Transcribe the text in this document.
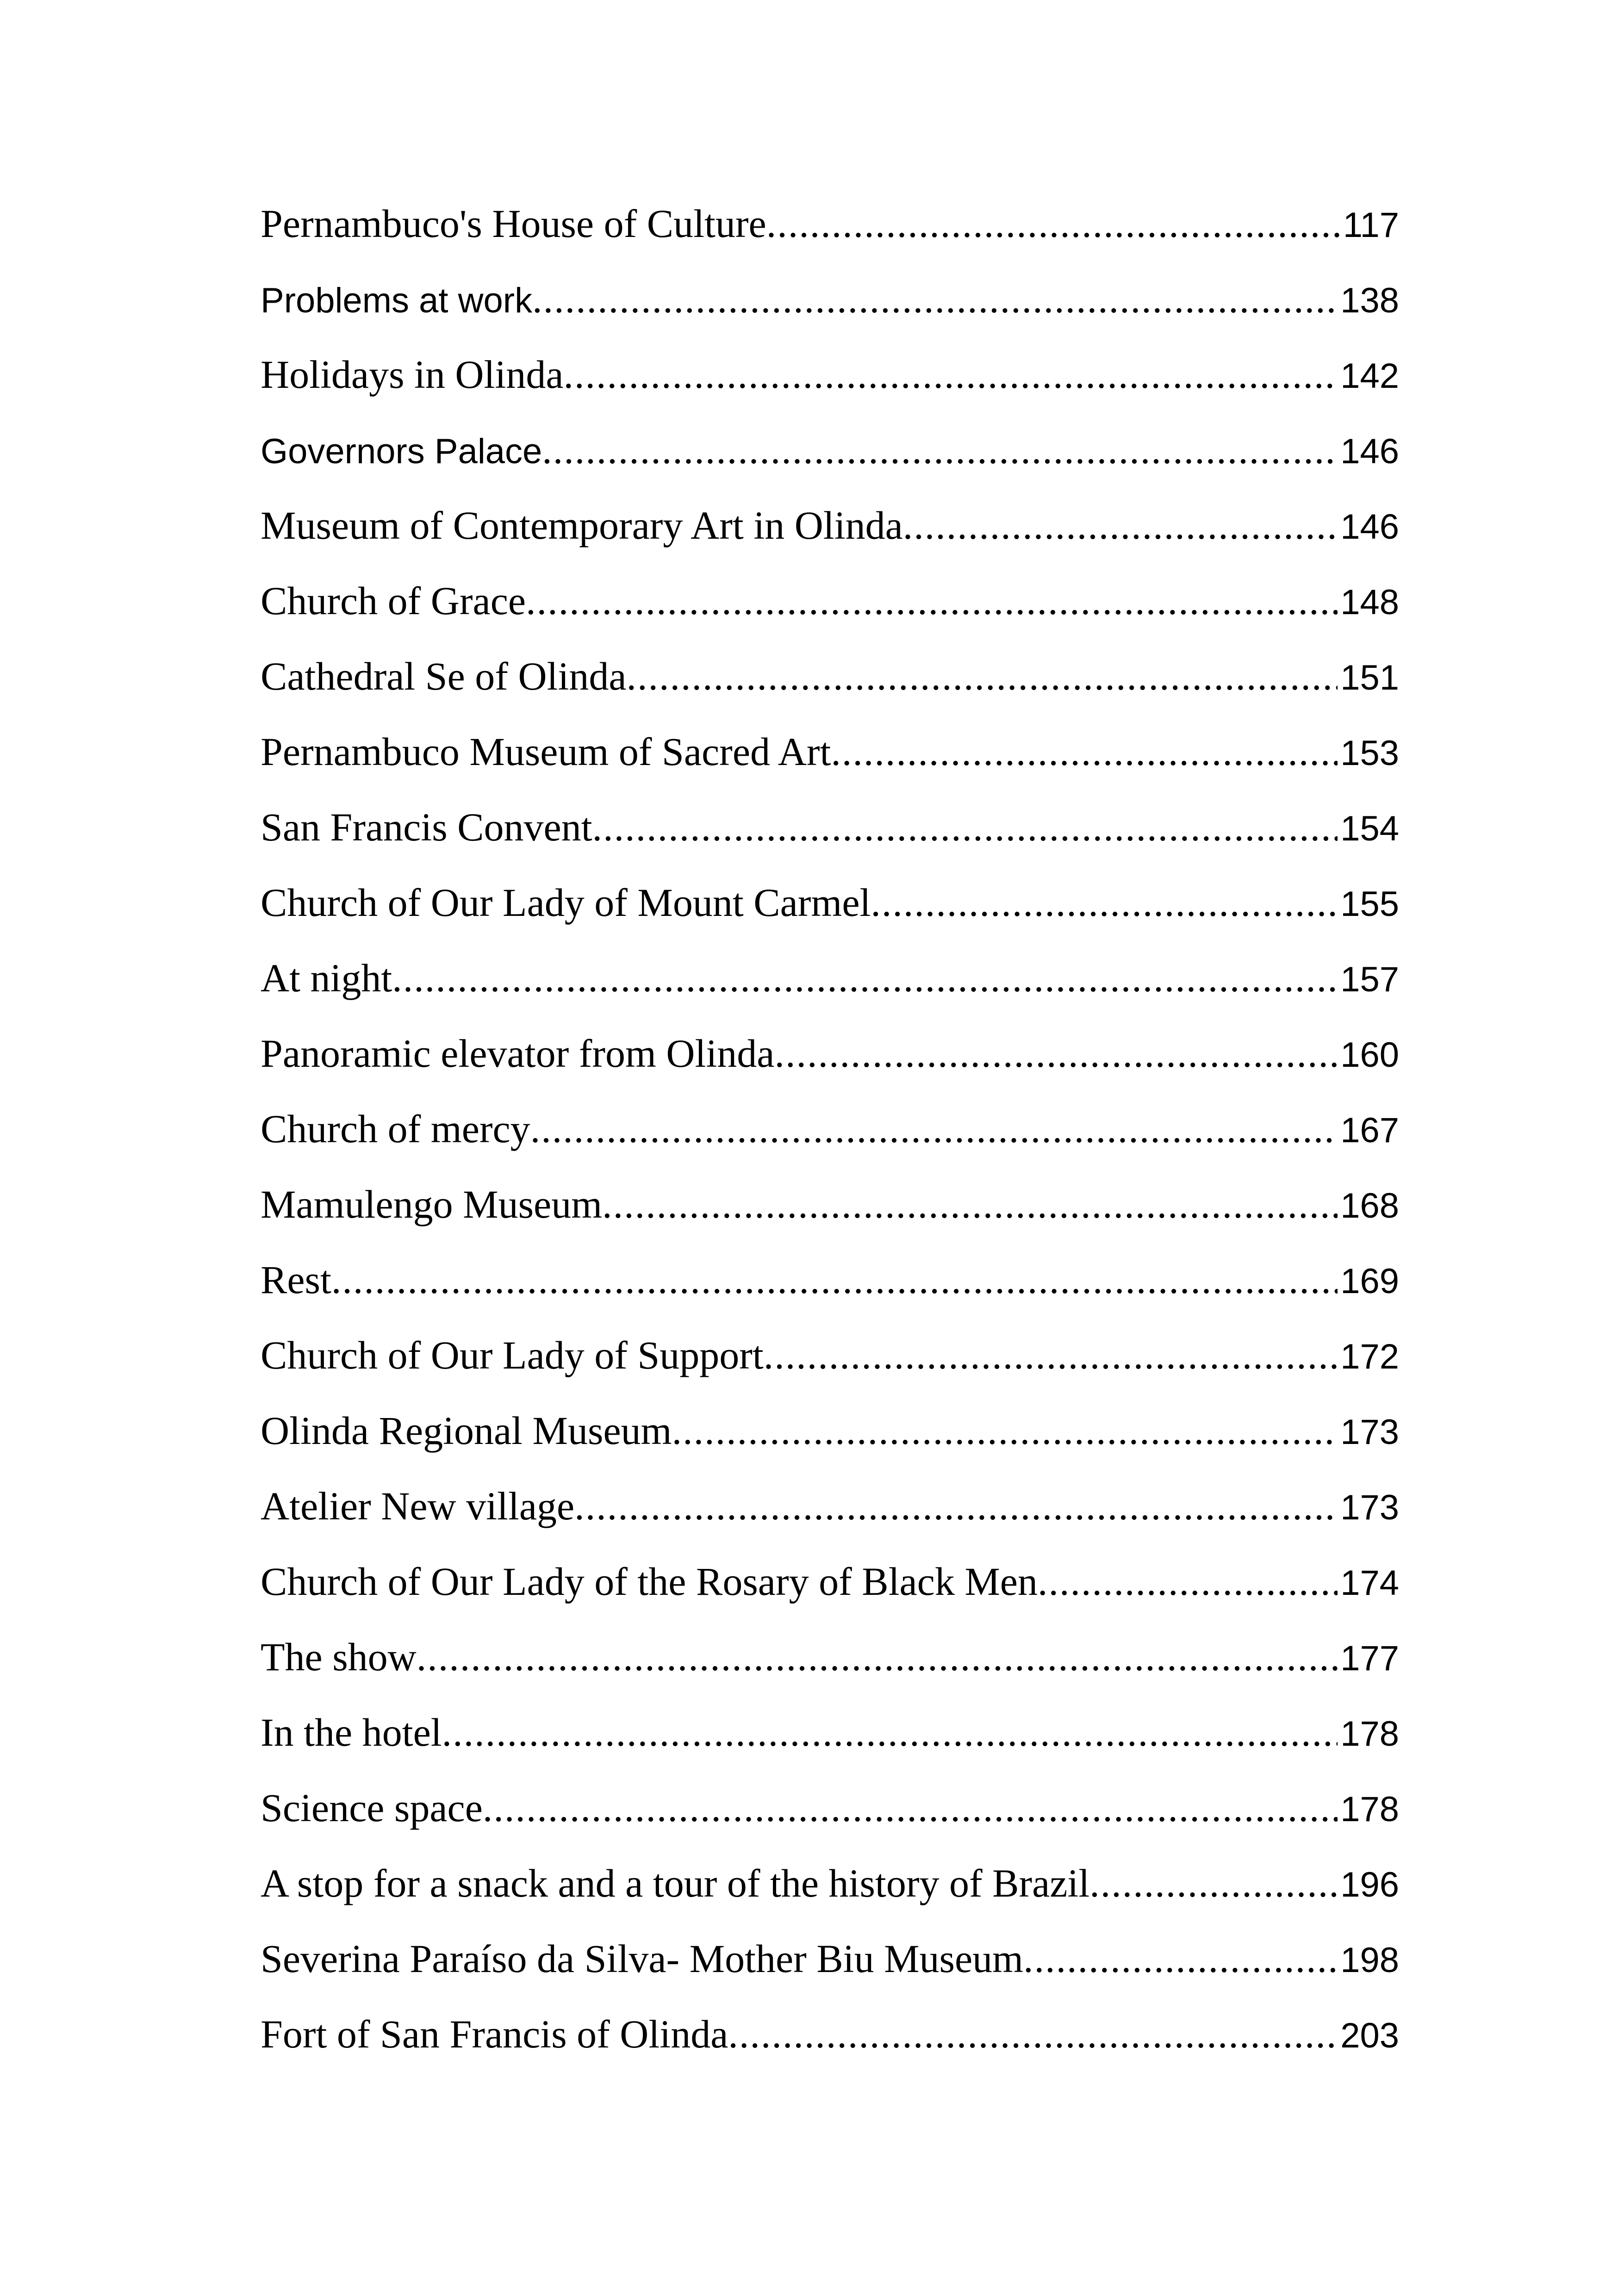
Pernambuco's House of Culture .....	117
Problems at work .....	138
Holidays in Olinda .....	142
Governors Palace .....	146
Museum of Contemporary Art in Olinda .....	146
Church of Grace .....	148
Cathedral Se of Olinda .....	151
Pernambuco Museum of Sacred Art .....	153
San Francis Convent .....	154
Church of Our Lady of Mount Carmel .....	155
At night .....	157
Panoramic elevator from Olinda .....	160
Church of mercy .....	167
Mamulengo Museum .....	168
Rest .....	169
Church of Our Lady of Support .....	172
Olinda Regional Museum .....	173
Atelier New village .....	173
Church of Our Lady of the Rosary of Black Men .....	174
The show .....	177
In the hotel .....	178
Science space .....	178
A stop for a snack and a tour of the history of Brazil .....	196
Severina Paraíso da Silva- Mother Biu Museum .....	198
Fort of San Francis of Olinda .....	203
